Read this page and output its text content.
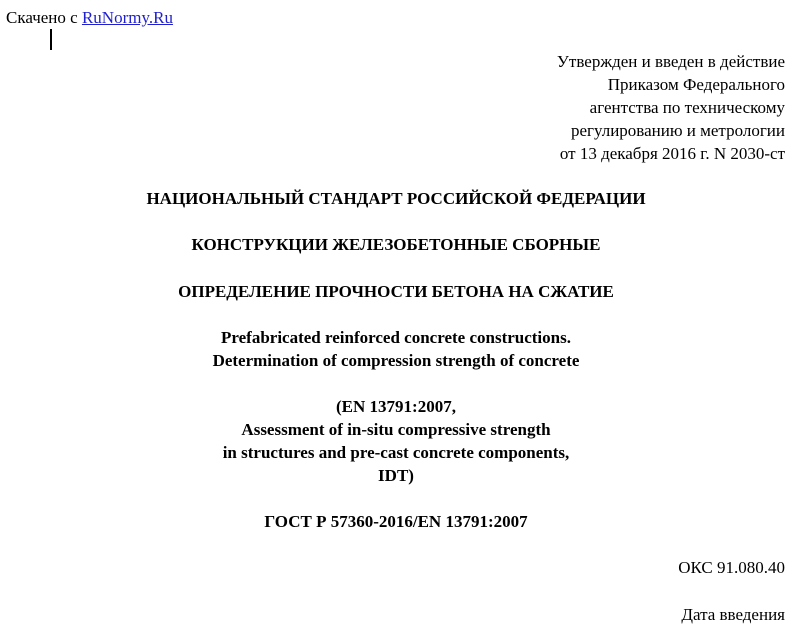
Скачено с RuNormy.Ru
Утвержден и введен в действие
Приказом Федерального
агентства по техническому
регулированию и метрологии
от 13 декабря 2016 г. N 2030-ст
НАЦИОНАЛЬНЫЙ СТАНДАРТ РОССИЙСКОЙ ФЕДЕРАЦИИ
КОНСТРУКЦИИ ЖЕЛЕЗОБЕТОННЫЕ СБОРНЫЕ
ОПРЕДЕЛЕНИЕ ПРОЧНОСТИ БЕТОНА НА СЖАТИЕ
Prefabricated reinforced concrete constructions.
Determination of compression strength of concrete
(EN 13791:2007,
Assessment of in-situ compressive strength
in structures and pre-cast concrete components,
IDT)
ГОСТ Р 57360-2016/EN 13791:2007
ОКС 91.080.40
Дата введения
